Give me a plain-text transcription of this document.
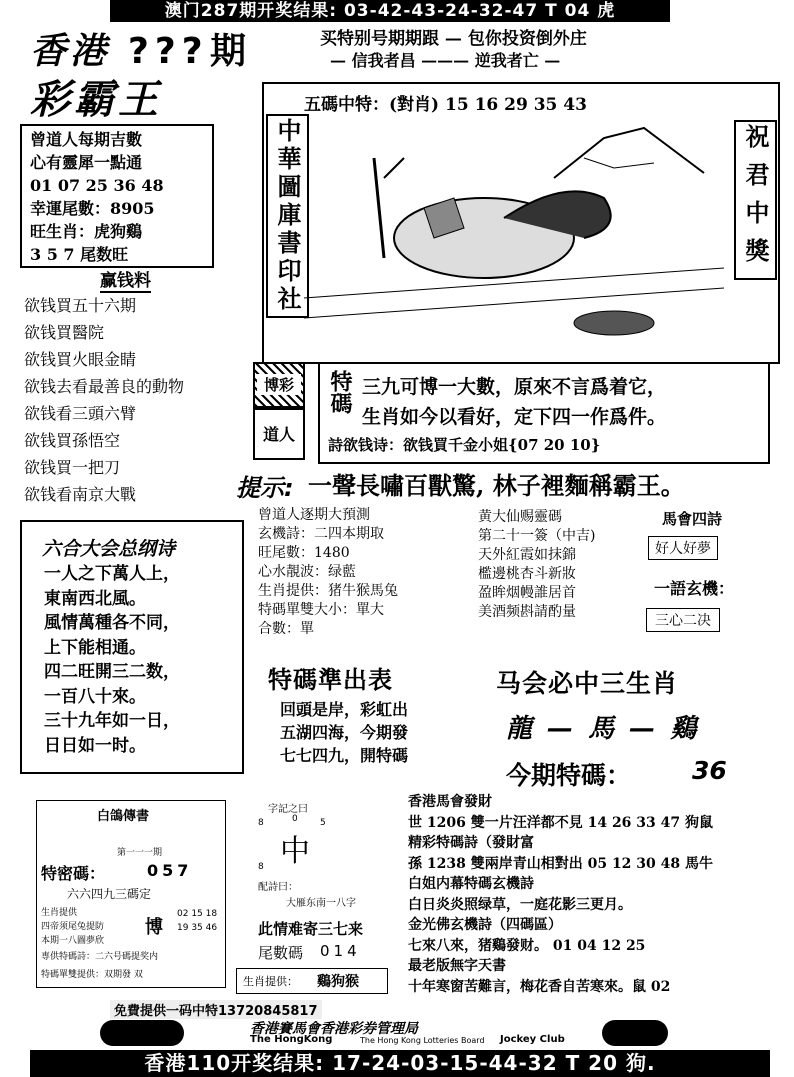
澳门287期开奖结果: 03-42-43-24-32-47 T 04 虎
买特别号期期跟 — 包你投资倒外庄
— 信我者昌 ——— 逆我者亡 —
香港 ??? 期
彩霸王
曾道人每期吉數
心有靈犀一點通
01 07 25 36 48
幸運尾數：8905
旺生肖：虎狗鷄
3 5 7 尾数旺
赢钱料
欲钱買五十六期
欲钱買醫院
欲钱買火眼金睛
欲钱去看最善良的動物
欲钱看三頭六臂
欲钱買孫悟空
欲钱買一把刀
欲钱看南京大戰
中華圖庫書印社
五碼中特：(對肖) 15 16 29 35 43
祝君中獎
博彩
道人
特碼 三九可博一大數，原來不言爲着它，
生肖如今以看好，定下四一作爲件。
詩欲钱诗：欲钱買千金小姐{07 20 10}
提示: 一聲長嘯百獸驚, 林子裡麵稱霸王。
曾道人逐期大預測
玄機詩：二四本期取
旺尾數：1480
心水靚波：绿藍
生肖提供：猪牛猴馬兔
特碼單雙大小：單大
合數：單
黄大仙赐靈碼
第二十一簽（中吉)
天外紅霞如抹錦
檻邊桃杏斗新妝
盈眸烟幔誰居首
美酒频斟請酌量
馬會四詩
好人好夢
一語玄機：
三心二决
六合大会总纲诗
一人之下萬人上，
東南西北風。
風情萬種各不同，
上下能相通。
四二旺開三二数，
一百八十來。
三十九年如一日，
日日如一时。
特碼準出表
回頭是岸，彩虹出
五湖四海，今期發
七七四九，開特碼
马会必中三生肖
龍 — 馬 — 鷄
今期特碼： 36
白鴿傳書
第一一一期
特密碼：	057
六六四九三碼定
生肖提供
四帝须尾兔提防
本期一八圖夢欣
博
02 15 18 19 35 46
専供特碼詩：二六号碼提奖内
特碼單雙提供：双期發 双
字記之曰
0 5
8
中
8
配詩曰：
大雁东南一八字
此情难寄三七来
尾數碼 014
生肖提供： 鷄狗猴
香港馬會發財
世 1206 雙一片汪洋都不見 14 26 33 47 狗鼠
精彩特碼詩（發財富
孫 1238 雙兩岸青山相對出 05 12 30 48 馬牛
白姐内幕特碼玄機詩
白日炎炎照绿草，一庭花影三更月。
金光佛玄機詩（四碼區）
七來八來，猪鷄發财。 01 04 12 25
最老版無字天書
十年寒窗苦難言，梅花香自苦寒來。鼠 02
免費提供一码中特13720845817
香港賽馬會香港彩券管理局
The HongKong	The Hong Kong Lotteries Board Jockey Club
香港110开奖结果: 17-24-03-15-44-32 T 20 狗.
